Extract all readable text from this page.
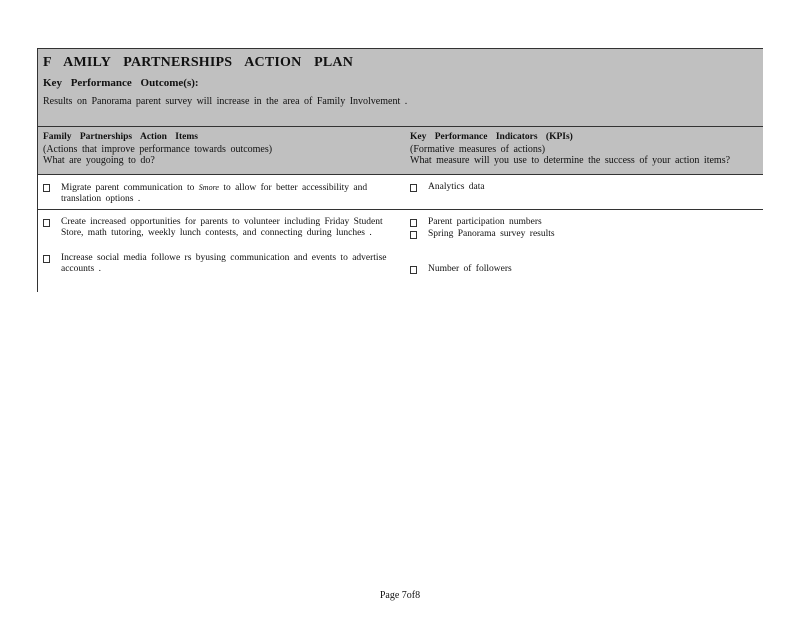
F AMILY PARTNERSHIPS ACTION PLAN
Key Performance Outcome(s):
Results on Panorama parent survey will increase in the area of Family Involvement .
Family Partnerships Action Items
(Actions that improve performance towards outcomes)
What are yougoing to do?
Key Performance Indicators (KPIs)
(Formative measures of actions)
What measure will you use to determine the success of your action items?
Migrate parent communication to Smore to allow for better accessibility and translation options .
Analytics data
Create increased opportunities for parents to volunteer including Friday Student Store, math tutoring, weekly lunch contests, and connecting during lunches .
Increase social media followe rs byusing communication and events to advertise accounts .
Parent participation numbers
Spring Panorama survey results
Number of followers
Page 7of8
